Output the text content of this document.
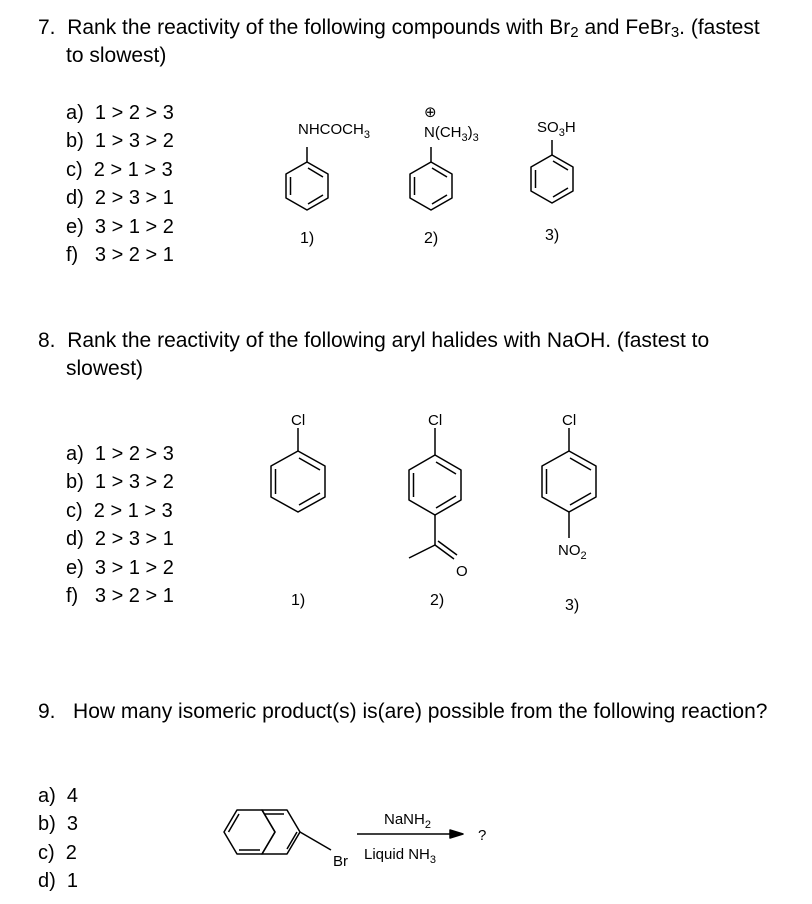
7. Rank the reactivity of the following compounds with Br2 and FeBr3. (fastest
to slowest)
a)  1 > 2 > 3
b)  1 > 3 > 2
c)  2 > 1 > 3
d)  2 > 3 > 1
e)  3 > 1 > 2
f)   3 > 2 > 1
8. Rank the reactivity of the following aryl halides with NaOH. (fastest to
slowest)
a)  1 > 2 > 3
b)  1 > 3 > 2
c)  2 > 1 > 3
d)  2 > 3 > 1
e)  3 > 1 > 2
f)   3 > 2 > 1
9. How many isomeric product(s) is(are) possible from the following reaction?
a)  4
b)  3
c)  2
d)  1
$NHCOCH_3$
1)
⊕
$N(CH_3)_3$
2)
$SO_3H$
3)
Cl
1)
Cl
O
2)
Cl
$NO_2$
3)
Br
NaNH$_2$
Liquid $NH_3$
?
